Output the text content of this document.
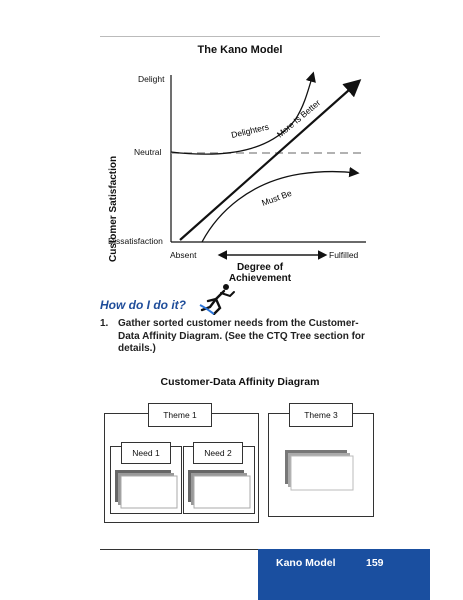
The Kano Model
Delighters More Is Better
Must Be
Customer Satisfaction
Delight
Neutral
Dissatisfaction
Absent	Fulfilled
Degree of
Achievement
How do I do it?
1. Gather sorted customer needs from the Customer-Data Affinity Diagram. (See the CTQ Tree section for details.)
Customer-Data Affinity Diagram
Theme 1
Need 1	Need 2
Theme 3
Kano Model	159
